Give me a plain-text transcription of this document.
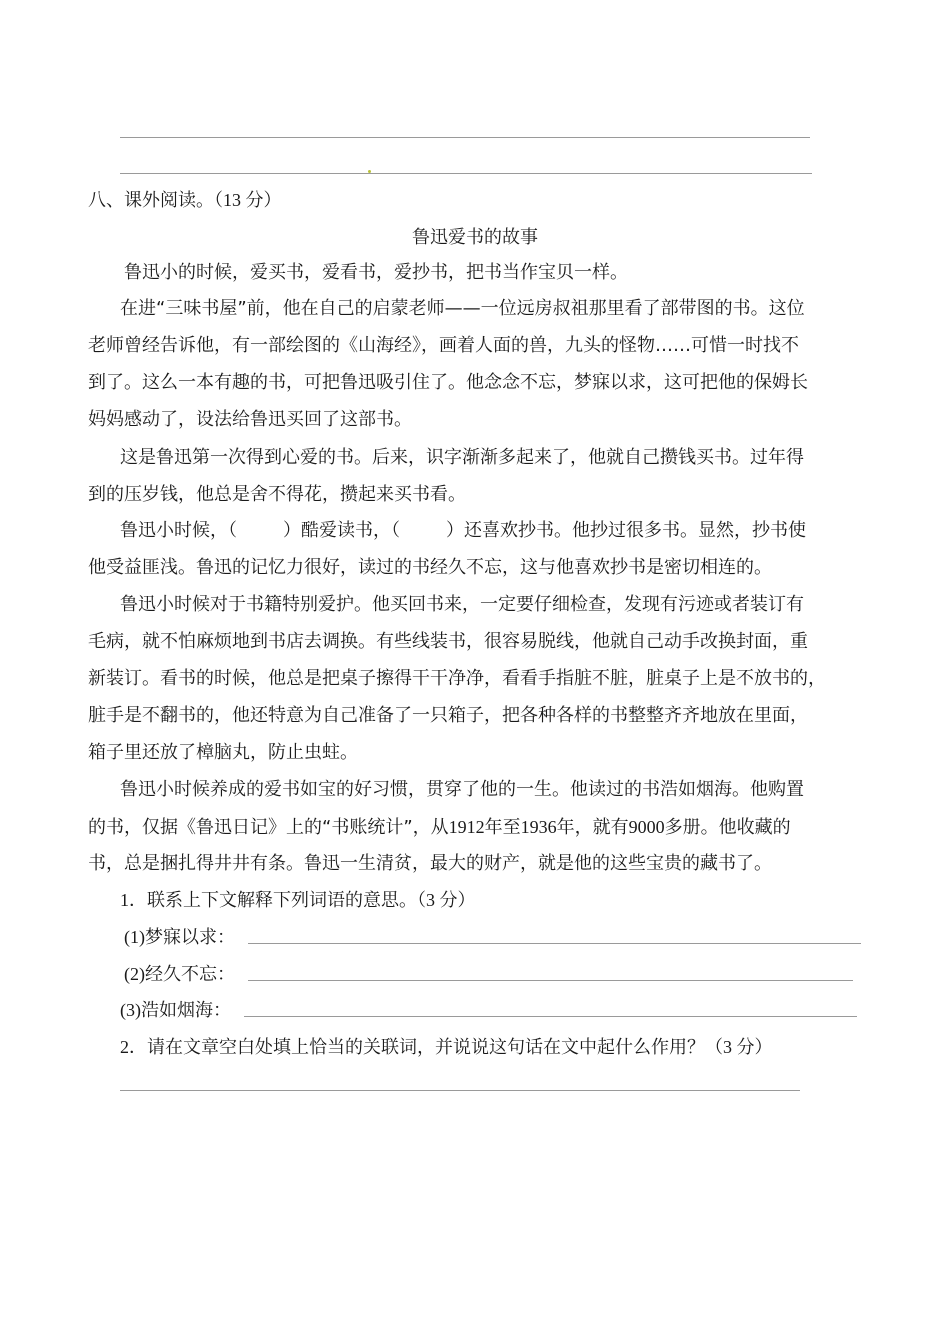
八、课外阅读。（13 分）
鲁迅爱书的故事
鲁迅小的时候，爱买书，爱看书，爱抄书，把书当作宝贝一样。
在进“三味书屋”前，他在自己的启蒙老师——一位远房叔祖那里看了部带图的书。这位
老师曾经告诉他，有一部绘图的《山海经》，画着人面的兽，九头的怪物……可惜一时找不
到了。这么一本有趣的书，可把鲁迅吸引住了。他念念不忘，梦寐以求，这可把他的保姆长
妈妈感动了，设法给鲁迅买回了这部书。
这是鲁迅第一次得到心爱的书。后来，识字渐渐多起来了，他就自己攒钱买书。过年得
到的压岁钱，他总是舍不得花，攒起来买书看。
鲁迅小时候，（	）酷爱读书，（	）还喜欢抄书。他抄过很多书。显然，抄书使
他受益匪浅。鲁迅的记忆力很好，读过的书经久不忘，这与他喜欢抄书是密切相连的。
鲁迅小时候对于书籍特别爱护。他买回书来，一定要仔细检查，发现有污迹或者装订有
毛病，就不怕麻烦地到书店去调换。有些线装书，很容易脱线，他就自己动手改换封面，重
新装订。看书的时候，他总是把桌子擦得干干净净，看看手指脏不脏，脏桌子上是不放书的，
脏手是不翻书的，他还特意为自己准备了一只箱子，把各种各样的书整整齐齐地放在里面，
箱子里还放了樟脑丸，防止虫蛀。
鲁迅小时候养成的爱书如宝的好习惯，贯穿了他的一生。他读过的书浩如烟海。他购置
的书，仅据《鲁迅日记》上的“书账统计”，从1912年至1936年，就有9000多册。他收藏的
书，总是捆扎得井井有条。鲁迅一生清贫，最大的财产，就是他的这些宝贵的藏书了。
1．联系上下文解释下列词语的意思。（3 分）
(1)梦寐以求：
(2)经久不忘：
(3)浩如烟海：
2．请在文章空白处填上恰当的关联词，并说说这句话在文中起什么作用？（3 分）
